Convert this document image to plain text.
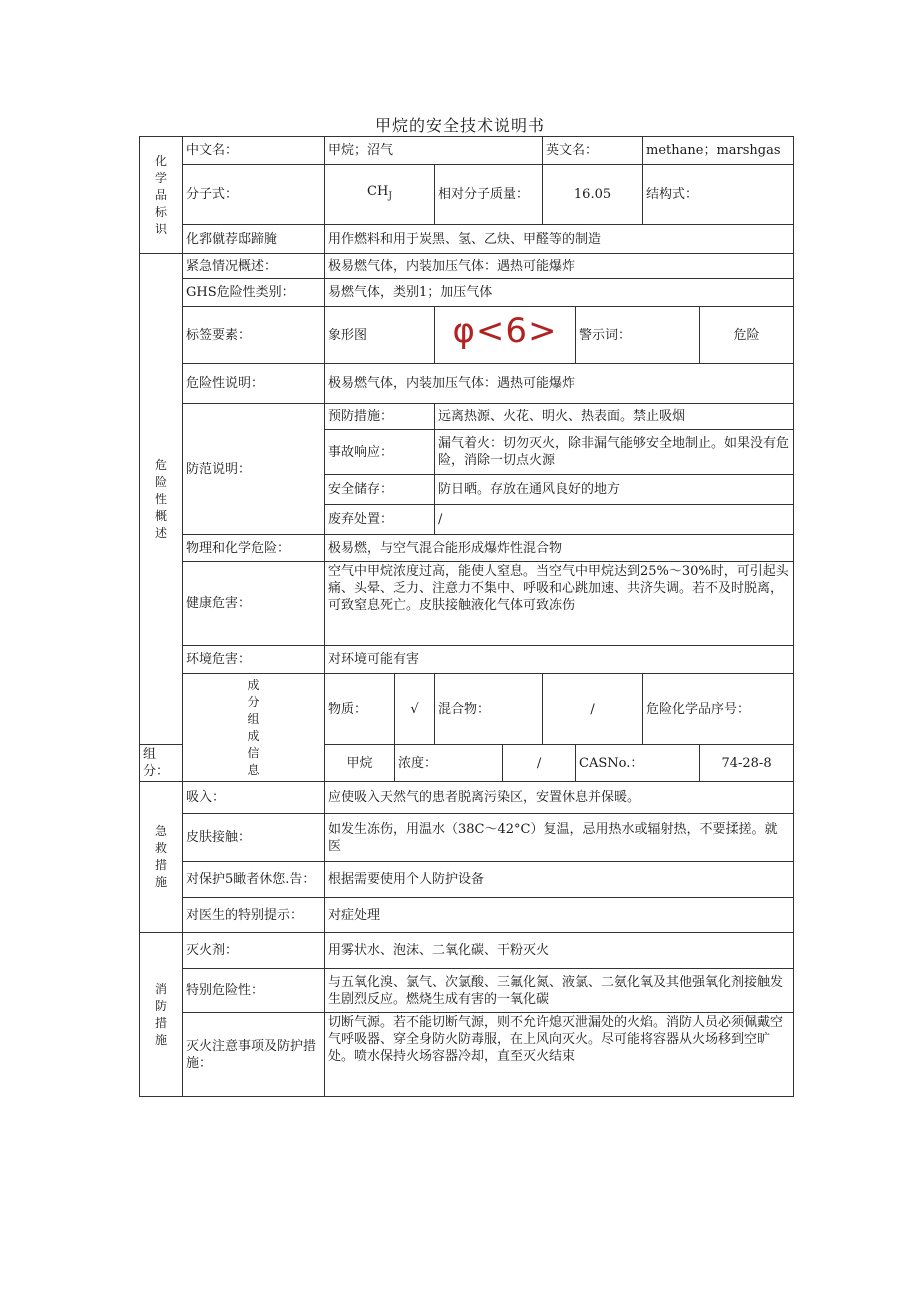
甲烷的安全技术说明书
化学品标识	中文名：	甲烷；沼气				英文名：		methane；marshgas		
	分子式：	$CH_J$		相对分子质量：		16.05		结构式：		
	化郛僦荐邸蹄腌	用作燃料和用于炭黑、氢、乙炔、甲醛等的制造								
危险性概述	紧急情况概述：	极易燃气体，内装加压气体：遇热可能爆炸								
	GHS危险性类别：	易燃气体，类别1；加压气体								
	标签要素：	象形图		φ<6>			警示词：		危险	
	危险性说明：	极易燃气体，内装加压气体：遇热可能爆炸								
	防范说明：	预防措施：		远离热源、火花、明火、热表面。禁止吸烟						
		事故响应：		漏气着火：切勿灭火，除非漏气能够安全地制止。如果没有危险，消除一切点火源						
		安全储存：		防日晒。存放在通风良好的地方						
		废弃处置：		/						
	物理和化学危险：	极易燃，与空气混合能形成爆炸性混合物								
	健康危害：	空气中甲烷浓度过高，能使人窒息。当空气中甲烷达到25%～30%时，可引起头痛、头晕、乏力、注意力不集中、呼吸和心跳加速、共济失调。若不及时脱离，可致窒息死亡。皮肤接触液化气体可致冻伤								
	环境危害：	对环境可能有害								
	成分组成信息	物质：	√	混合物：		/		危险化学品序号：	
组分：		甲烷	浓度：		/		CASNo.：		74-28-8	
急救措施	吸入：	应使吸入天然气的患者脱离污染区，安置休息并保暖。								
	皮肤接触：	如发生冻伤，用温水（38C～42°C）复温，忌用热水或辐射热，不要揉搓。就医								
	对保护5瞰者休您.告：	根据需要使用个人防护设备								
	对医生的特别提示：	对症处理								
消防措施	灭火剂：	用雾状水、泡沫、二氧化碳、干粉灭火								
	特别危险性：	与五氧化溴、氯气、次氯酸、三氟化氮、液氯、二氨化氧及其他强氧化剂接触发生剧烈反应。燃烧生成有害的一氧化碳								
	灭火注意事项及防护措施：	切断气源。若不能切断气源，则不允许熄灭泄漏处的火焰。消防人员必须佩戴空气呼吸器、穿全身防火防毒服，在上风向灭火。尽可能将容器从火场移到空旷处。喷水保持火场容器冷却，直至灭火结束								
